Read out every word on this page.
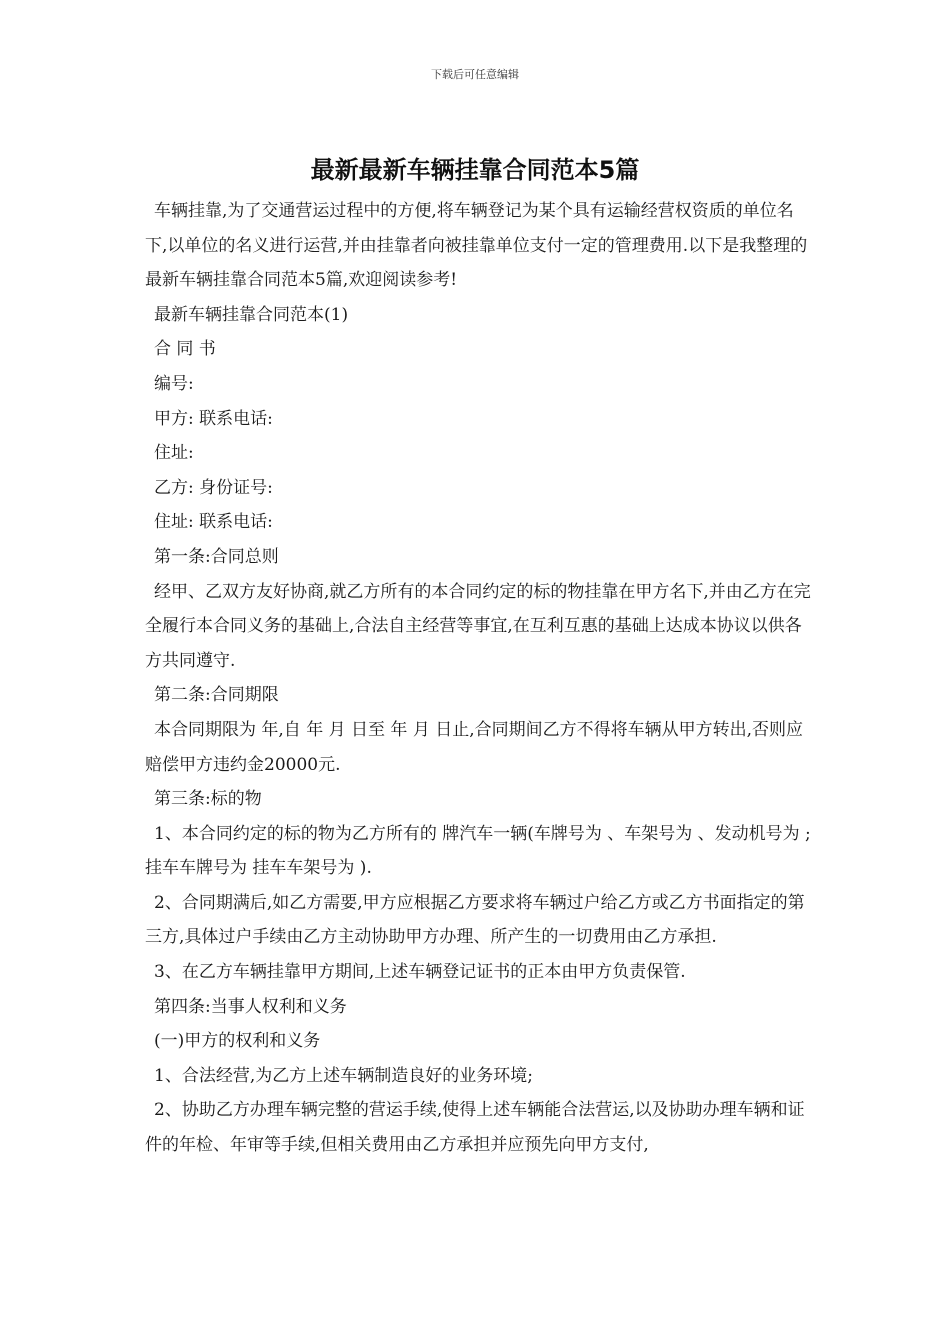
下载后可任意编辑
最新最新车辆挂靠合同范本5篇

车辆挂靠,为了交通营运过程中的方便,将车辆登记为某个具有运输经营权资质的单位名下,以单位的名义进行运营,并由挂靠者向被挂靠单位支付一定的管理费用.以下是我整理的最新车辆挂靠合同范本5篇,欢迎阅读参考!

最新车辆挂靠合同范本(1)

合 同 书

编号:

甲方: 联系电话:

住址:

乙方: 身份证号:

住址: 联系电话:

第一条:合同总则

经甲、乙双方友好协商,就乙方所有的本合同约定的标的物挂靠在甲方名下,并由乙方在完全履行本合同义务的基础上,合法自主经营等事宜,在互利互惠的基础上达成本协议以供各方共同遵守.

第二条:合同期限

本合同期限为 年,自 年 月 日至 年 月 日止,合同期间乙方不得将车辆从甲方转出,否则应赔偿甲方违约金20000元.

第三条:标的物

1、本合同约定的标的物为乙方所有的 牌汽车一辆(车牌号为 、车架号为 、发动机号为 ;挂车车牌号为 挂车车架号为 ).

2、合同期满后,如乙方需要,甲方应根据乙方要求将车辆过户给乙方或乙方书面指定的第三方,具体过户手续由乙方主动协助甲方办理、所产生的一切费用由乙方承担.

3、在乙方车辆挂靠甲方期间,上述车辆登记证书的正本由甲方负责保管.

第四条:当事人权利和义务

(一)甲方的权利和义务

1、合法经营,为乙方上述车辆制造良好的业务环境;

2、协助乙方办理车辆完整的营运手续,使得上述车辆能合法营运,以及协助办理车辆和证件的年检、年审等手续,但相关费用由乙方承担并应预先向甲方支付,
